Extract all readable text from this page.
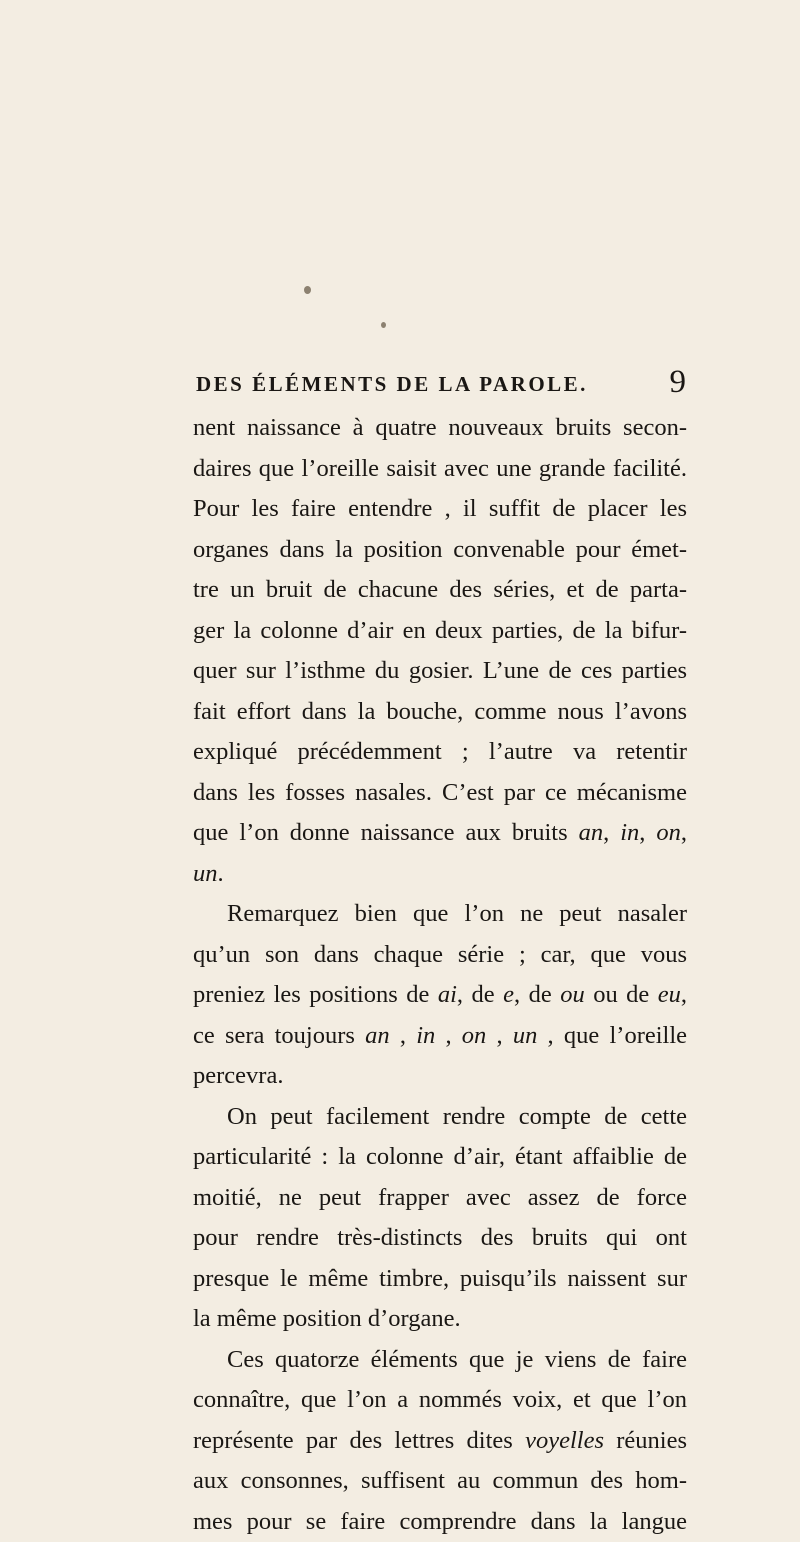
DES ÉLÉMENTS DE LA PAROLE. 9
nent naissance à quatre nouveaux bruits secon-
daires que l’oreille saisit avec une grande facilité.
Pour les faire entendre , il suffit de placer les
organes dans la position convenable pour émet-
tre un bruit de chacune des séries, et de parta-
ger la colonne d’air en deux parties, de la bifur-
quer sur l’isthme du gosier. L’une de ces parties
fait effort dans la bouche, comme nous l’avons
expliqué précédemment ; l’autre va retentir
dans les fosses nasales. C’est par ce mécanisme
que l’on donne naissance aux bruits an, in, on,
un.
Remarquez bien que l’on ne peut nasaler
qu’un son dans chaque série ; car, que vous
preniez les positions de ai, de e, de ou ou de eu,
ce sera toujours an , in , on , un , que l’oreille
percevra.
On peut facilement rendre compte de cette
particularité : la colonne d’air, étant affaiblie de
moitié, ne peut frapper avec assez de force
pour rendre très-distincts des bruits qui ont
presque le même timbre, puisqu’ils naissent sur
la même position d’organe.
Ces quatorze éléments que je viens de faire
connaître, que l’on a nommés voix, et que l’on
représente par des lettres dites voyelles réunies
aux consonnes, suffisent au commun des hom-
mes pour se faire comprendre dans la langue
